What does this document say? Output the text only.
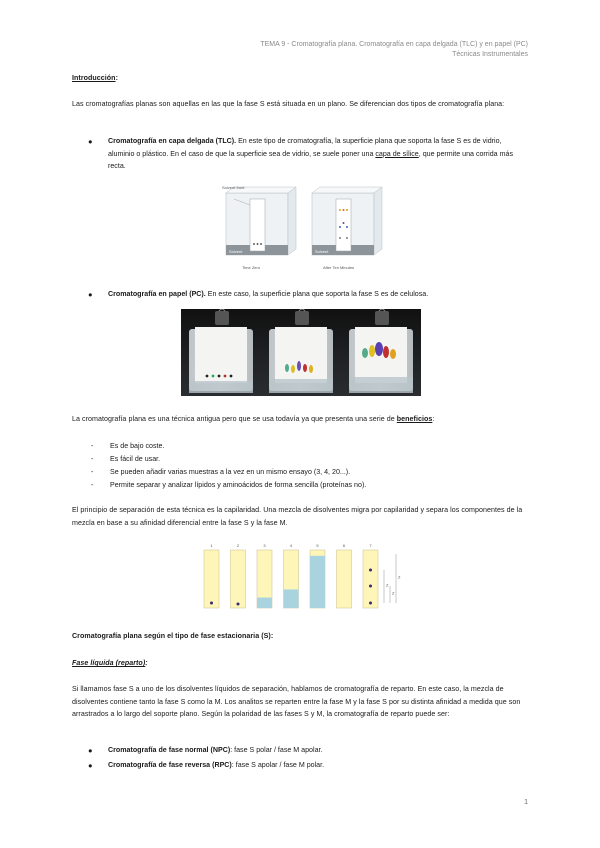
TEMA 9 - Cromatografía plana. Cromatografía en capa delgada (TLC) y en papel (PC)
Técnicas Instrumentales
Introducción:
Las cromatografías planas son aquellas en las que la fase S está situada en un plano. Se diferencian dos tipos de cromatografía plana:
● Cromatografía en capa delgada (TLC). En este tipo de cromatografía, la superficie plana que soporta la fase S es de vidrio, aluminio o plástico. En el caso de que la superficie sea de vidrio, se suele poner una capa de sílice, que permite una corrida más recta.
Solvent front
Solvent
Time Zero
Solvent
After Ten Minutes
● Cromatografía en papel (PC). En este caso, la superficie plana que soporta la fase S es de celulosa.
La cromatografía plana es una técnica antigua pero que se usa todavía ya que presenta una serie de beneficios:
- Es de bajo coste.
- Es fácil de usar.
- Se pueden añadir varias muestras a la vez en un mismo ensayo (3, 4, 20...).
- Permite separar y analizar lípidos y aminoácidos de forma sencilla (proteínas no).
El principio de separación de esta técnica es la capilaridad. Una mezcla de disolventes migra por capilaridad y separa los componentes de la mezcla en base a su afinidad diferencial entre la fase S y la fase M.
1	2	3	4	5	6	7
Z
Z
Z
Cromatografía plana según el tipo de fase estacionaria (S):
Fase líquida (reparto):
Si llamamos fase S a uno de los disolventes líquidos de separación, hablamos de cromatografía de reparto. En este caso, la mezcla de disolventes contiene tanto la fase S como la M. Los analitos se reparten entre la fase M y la fase S por su distinta afinidad a medida que son arrastrados a lo largo del soporte plano. Según la polaridad de las fases S y M, la cromatografía de reparto puede ser:
● Cromatografía de fase normal (NPC): fase S polar / fase M apolar.
● Cromatografía de fase reversa (RPC): fase S apolar / fase M polar.
1
